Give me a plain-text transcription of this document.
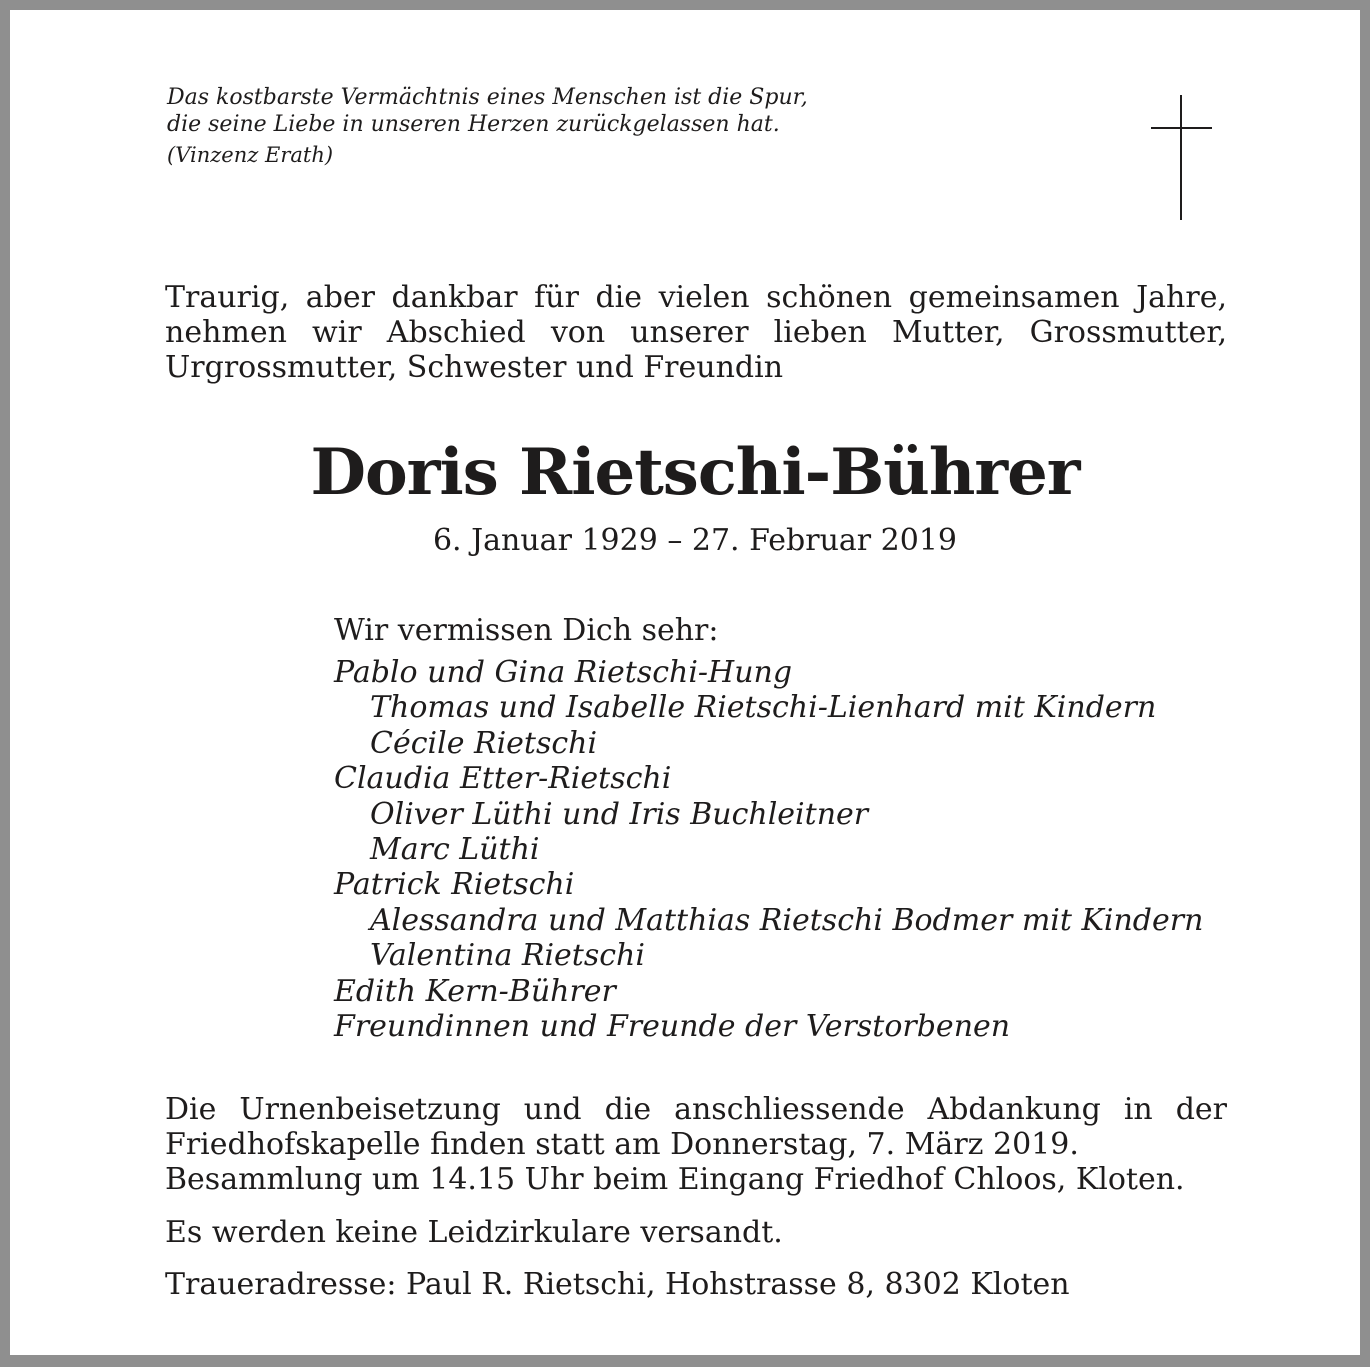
Das kostbarste Vermächtnis eines Menschen ist die Spur,
die seine Liebe in unseren Herzen zurückgelassen hat.
(Vinzenz Erath)
Traurig, aber dankbar für die vielen schönen gemeinsamen Jahre,
nehmen wir Abschied von unserer lieben Mutter, Grossmutter,
Urgrossmutter, Schwester und Freundin
Doris Rietschi-Bührer
6. Januar 1929 – 27. Februar 2019
Wir vermissen Dich sehr:
Pablo und Gina Rietschi-Hung
Thomas und Isabelle Rietschi-Lienhard mit Kindern
Cécile Rietschi
Claudia Etter-Rietschi
Oliver Lüthi und Iris Buchleitner
Marc Lüthi
Patrick Rietschi
Alessandra und Matthias Rietschi Bodmer mit Kindern
Valentina Rietschi
Edith Kern-Bührer
Freundinnen und Freunde der Verstorbenen
Die Urnenbeisetzung und die anschliessende Abdankung in der
Friedhofskapelle finden statt am Donnerstag, 7. März 2019.
Besammlung um 14.15 Uhr beim Eingang Friedhof Chloos, Kloten.
Es werden keine Leidzirkulare versandt.
Traueradresse: Paul R. Rietschi, Hohstrasse 8, 8302 Kloten
